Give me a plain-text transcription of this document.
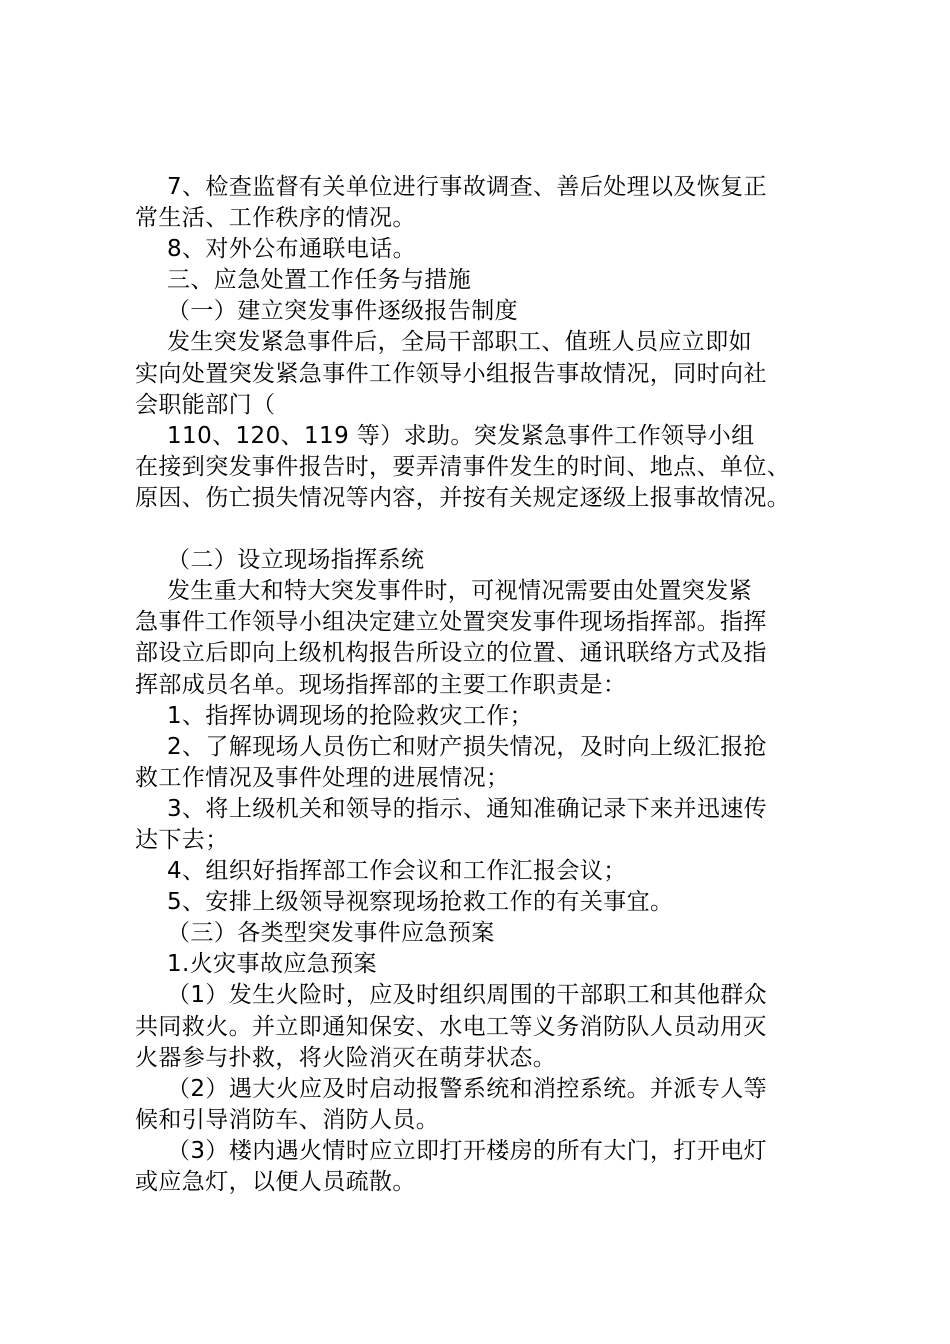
7、检查监督有关单位进行事故调查、善后处理以及恢复正
常生活、工作秩序的情况。
8、对外公布通联电话。
三、应急处置工作任务与措施
（一）建立突发事件逐级报告制度
发生突发紧急事件后，全局干部职工、值班人员应立即如
实向处置突发紧急事件工作领导小组报告事故情况，同时向社
会职能部门（
110、120、119 等）求助。突发紧急事件工作领导小组
在接到突发事件报告时，要弄清事件发生的时间、地点、单位、
原因、伤亡损失情况等内容，并按有关规定逐级上报事故情况。
（二）设立现场指挥系统
发生重大和特大突发事件时，可视情况需要由处置突发紧
急事件工作领导小组决定建立处置突发事件现场指挥部。指挥
部设立后即向上级机构报告所设立的位置、通讯联络方式及指
挥部成员名单。现场指挥部的主要工作职责是：
1、指挥协调现场的抢险救灾工作；
2、了解现场人员伤亡和财产损失情况，及时向上级汇报抢
救工作情况及事件处理的进展情况；
3、将上级机关和领导的指示、通知准确记录下来并迅速传
达下去；
4、组织好指挥部工作会议和工作汇报会议；
5、安排上级领导视察现场抢救工作的有关事宜。
（三）各类型突发事件应急预案
1.火灾事故应急预案
（1）发生火险时，应及时组织周围的干部职工和其他群众
共同救火。并立即通知保安、水电工等义务消防队人员动用灭
火器参与扑救，将火险消灭在萌芽状态。
（2）遇大火应及时启动报警系统和消控系统。并派专人等
候和引导消防车、消防人员。
（3）楼内遇火情时应立即打开楼房的所有大门，打开电灯
或应急灯，以便人员疏散。
